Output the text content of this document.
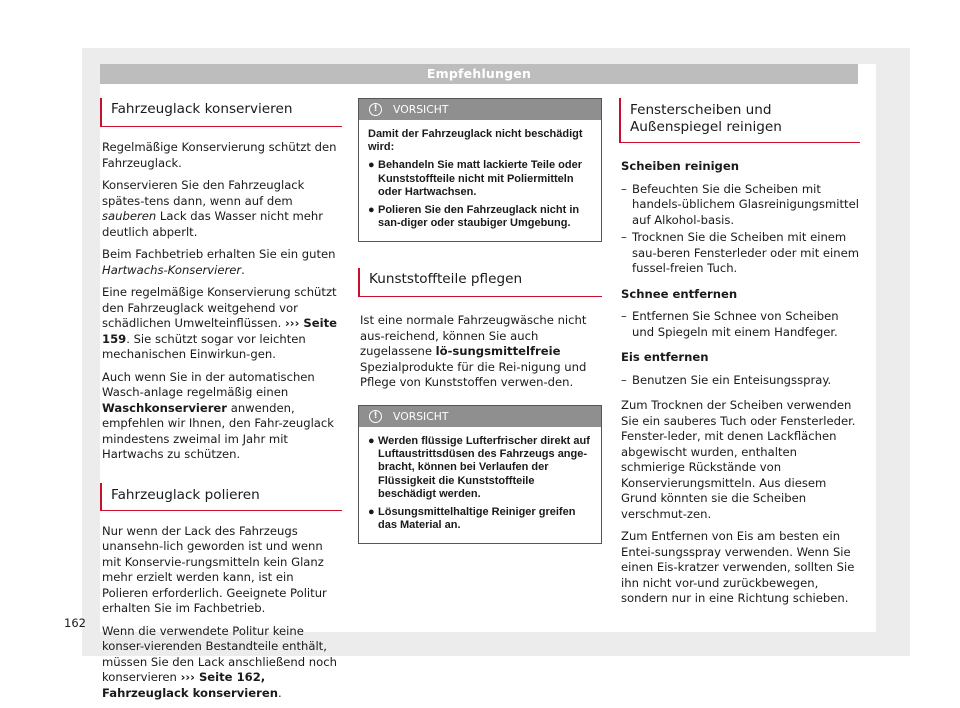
Empfehlungen
Fahrzeuglack konservieren

Regelmäßige Konservierung schützt den Fahrzeuglack.

Konservieren Sie den Fahrzeuglack spätes-tens dann, wenn auf dem sauberen Lack das Wasser nicht mehr deutlich abperlt.

Beim Fachbetrieb erhalten Sie ein guten Hartwachs-Konservierer.

Eine regelmäßige Konservierung schützt den Fahrzeuglack weitgehend vor schädlichen Umwelteinflüssen. ››› Seite 159. Sie schützt sogar vor leichten mechanischen Einwirkun-gen.

Auch wenn Sie in der automatischen Wasch-anlage regelmäßig einen Waschkonservierer anwenden, empfehlen wir Ihnen, den Fahr-zeuglack mindestens zweimal im Jahr mit Hartwachs zu schützen.

Fahrzeuglack polieren

Nur wenn der Lack des Fahrzeugs unansehn-lich geworden ist und wenn mit Konservie-rungsmitteln kein Glanz mehr erzielt werden kann, ist ein Polieren erforderlich. Geeignete Politur erhalten Sie im Fachbetrieb.

Wenn die verwendete Politur keine konser-vierenden Bestandteile enthält, müssen Sie den Lack anschließend noch konservieren ››› Seite 162, Fahrzeuglack konservieren.

!	VORSICHT

Damit der Fahrzeuglack nicht beschädigt wird:

● Behandeln Sie matt lackierte Teile oder Kunststoffteile nicht mit Poliermitteln oder Hartwachsen.

● Polieren Sie den Fahrzeuglack nicht in san-diger oder staubiger Umgebung.

Kunststoffteile pflegen

Ist eine normale Fahrzeugwäsche nicht aus-reichend, können Sie auch zugelassene lö-sungsmittelfreie Spezialprodukte für die Rei-nigung und Pflege von Kunststoffen verwen-den.

!	VORSICHT

● Werden flüssige Lufterfrischer direkt auf Luftaustrittsdüsen des Fahrzeugs ange-bracht, können bei Verlaufen der Flüssigkeit die Kunststoffteile beschädigt werden.

● Lösungsmittelhaltige Reiniger greifen das Material an.

Fensterscheiben und Außenspiegel reinigen

Scheiben reinigen

– Befeuchten Sie die Scheiben mit handels-üblichem Glasreinigungsmittel auf Alkohol-basis.
– Trocknen Sie die Scheiben mit einem sau-beren Fensterleder oder mit einem fussel-freien Tuch.

Schnee entfernen

– Entfernen Sie Schnee von Scheiben und Spiegeln mit einem Handfeger.

Eis entfernen

– Benutzen Sie ein Enteisungsspray.

Zum Trocknen der Scheiben verwenden Sie ein sauberes Tuch oder Fensterleder. Fenster-leder, mit denen Lackflächen abgewischt wurden, enthalten schmierige Rückstände von Konservierungsmitteln. Aus diesem Grund könnten sie die Scheiben verschmut-zen.

Zum Entfernen von Eis am besten ein Entei-sungsspray verwenden. Wenn Sie einen Eis-kratzer verwenden, sollten Sie ihn nicht vor-und zurückbewegen, sondern nur in eine Richtung schieben.

162
